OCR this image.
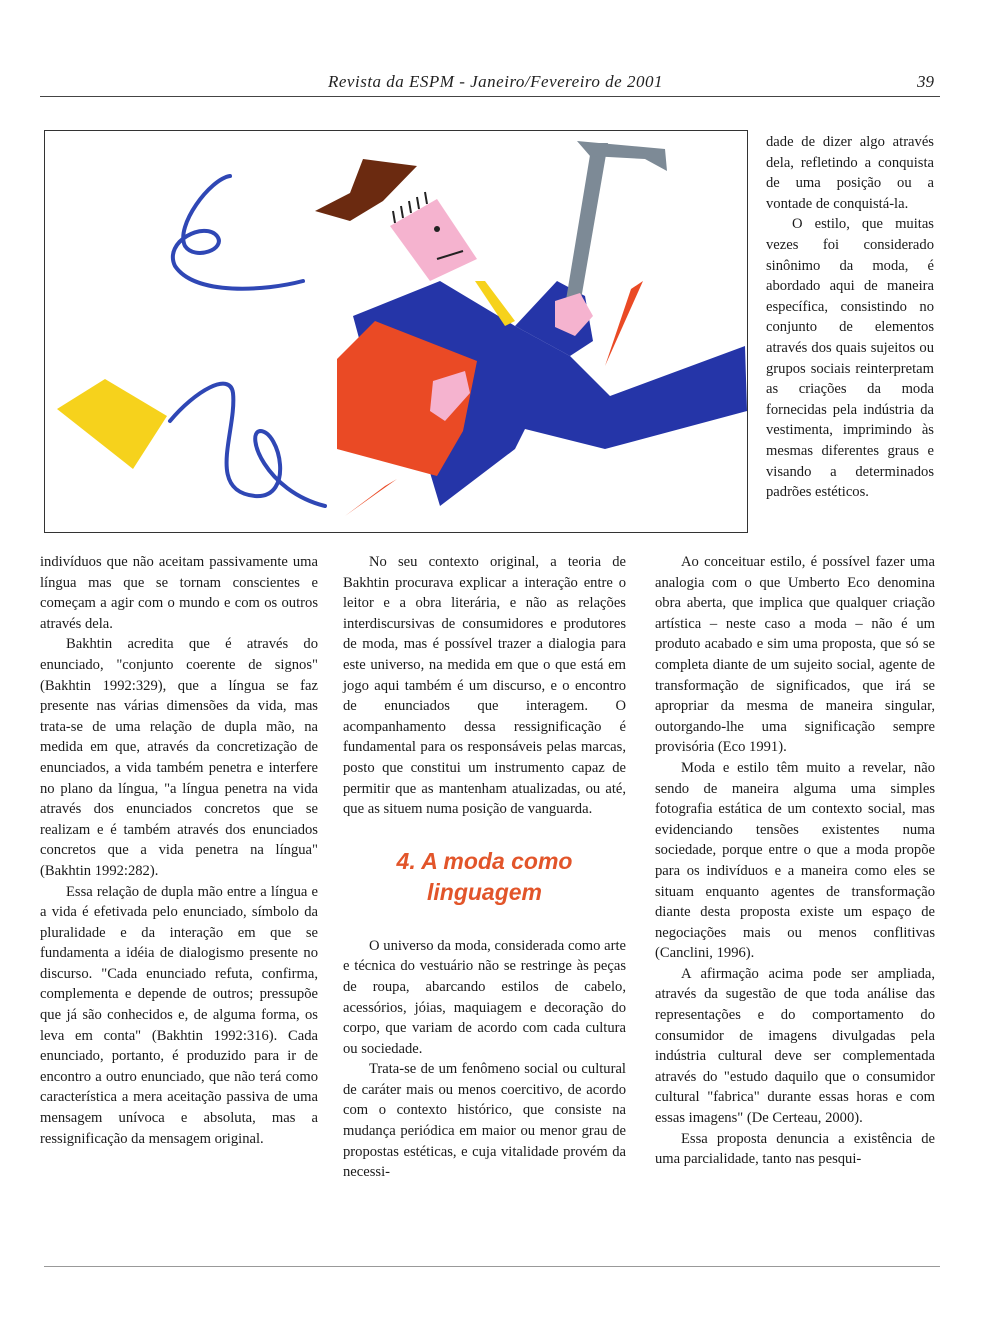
Revista da ESPM - Janeiro/Fevereiro de 2001	39

dade de dizer algo através dela, refletindo a conquista de uma posição ou a vontade de conquistá-la.

O estilo, que muitas vezes foi considerado sinônimo da moda, é abordado aqui de maneira específica, consistindo no conjunto de elementos através dos quais sujeitos ou grupos sociais reinterpretam as criações da moda fornecidas pela indústria da vestimenta, imprimindo às mesmas diferentes graus e visando a determinados padrões estéticos.

indivíduos que não aceitam passivamente uma língua mas que se tornam conscientes e começam a agir com o mundo e com os outros através dela.

Bakhtin acredita que é através do enunciado, "conjunto coerente de signos" (Bakhtin 1992:329), que a língua se faz presente nas várias dimensões da vida, mas trata-se de uma relação de dupla mão, na medida em que, através da concretização de enunciados, a vida também penetra e interfere no plano da língua, "a língua penetra na vida através dos enunciados concretos que se realizam e é também através dos enunciados concretos que a vida penetra na língua" (Bakhtin 1992:282).

Essa relação de dupla mão entre a língua e a vida é efetivada pelo enunciado, símbolo da pluralidade e da interação em que se fundamenta a idéia de dialogismo presente no discurso. "Cada enunciado refuta, confirma, complementa e depende de outros; pressupõe que já são conhecidos e, de alguma forma, os leva em conta" (Bakhtin 1992:316). Cada enunciado, portanto, é produzido para ir de encontro a outro enunciado, que não terá como característica a mera aceitação passiva de uma mensagem unívoca e absoluta, mas a ressignificação da mensagem original.

No seu contexto original, a teoria de Bakhtin procurava explicar a interação entre o leitor e a obra literária, e não as relações interdiscursivas de consumidores e produtores de moda, mas é possível trazer a dialogia para este universo, na medida em que o que está em jogo aqui também é um discurso, e o encontro de enunciados que interagem. O acompanhamento dessa ressignificação é fundamental para os responsáveis pelas marcas, posto que constitui um instrumento capaz de permitir que as mantenham atualizadas, ou até, que as situem numa posição de vanguarda.

4. A moda como
linguagem

O universo da moda, considerada como arte e técnica do vestuário não se restringe às peças de roupa, abarcando estilos de cabelo, acessórios, jóias, maquiagem e decoração do corpo, que variam de acordo com cada cultura ou sociedade.

Trata-se de um fenômeno social ou cultural de caráter mais ou menos coercitivo, de acordo com o contexto histórico, que consiste na mudança periódica em maior ou menor grau de propostas estéticas, e cuja vitalidade provém da necessi-

Ao conceituar estilo, é possível fazer uma analogia com o que Umberto Eco denomina obra aberta, que implica que qualquer criação artística – neste caso a moda – não é um produto acabado e sim uma proposta, que só se completa diante de um sujeito social, agente de transformação de significados, que irá se apropriar da mesma de maneira singular, outorgando-lhe uma significação sempre provisória (Eco 1991).

Moda e estilo têm muito a revelar, não sendo de maneira alguma uma simples fotografia estática de um contexto social, mas evidenciando tensões existentes numa sociedade, porque entre o que a moda propõe para os indivíduos e a maneira como eles se situam enquanto agentes de transformação diante desta proposta existe um espaço de negociações mais ou menos conflitivas (Canclini, 1996).

A afirmação acima pode ser ampliada, através da sugestão de que toda análise das representações e do comportamento do consumidor de imagens divulgadas pela indústria cultural deve ser complementada através do "estudo daquilo que o consumidor cultural "fabrica" durante essas horas e com essas imagens" (De Certeau, 2000).

Essa proposta denuncia a existência de uma parcialidade, tanto nas pesqui-
